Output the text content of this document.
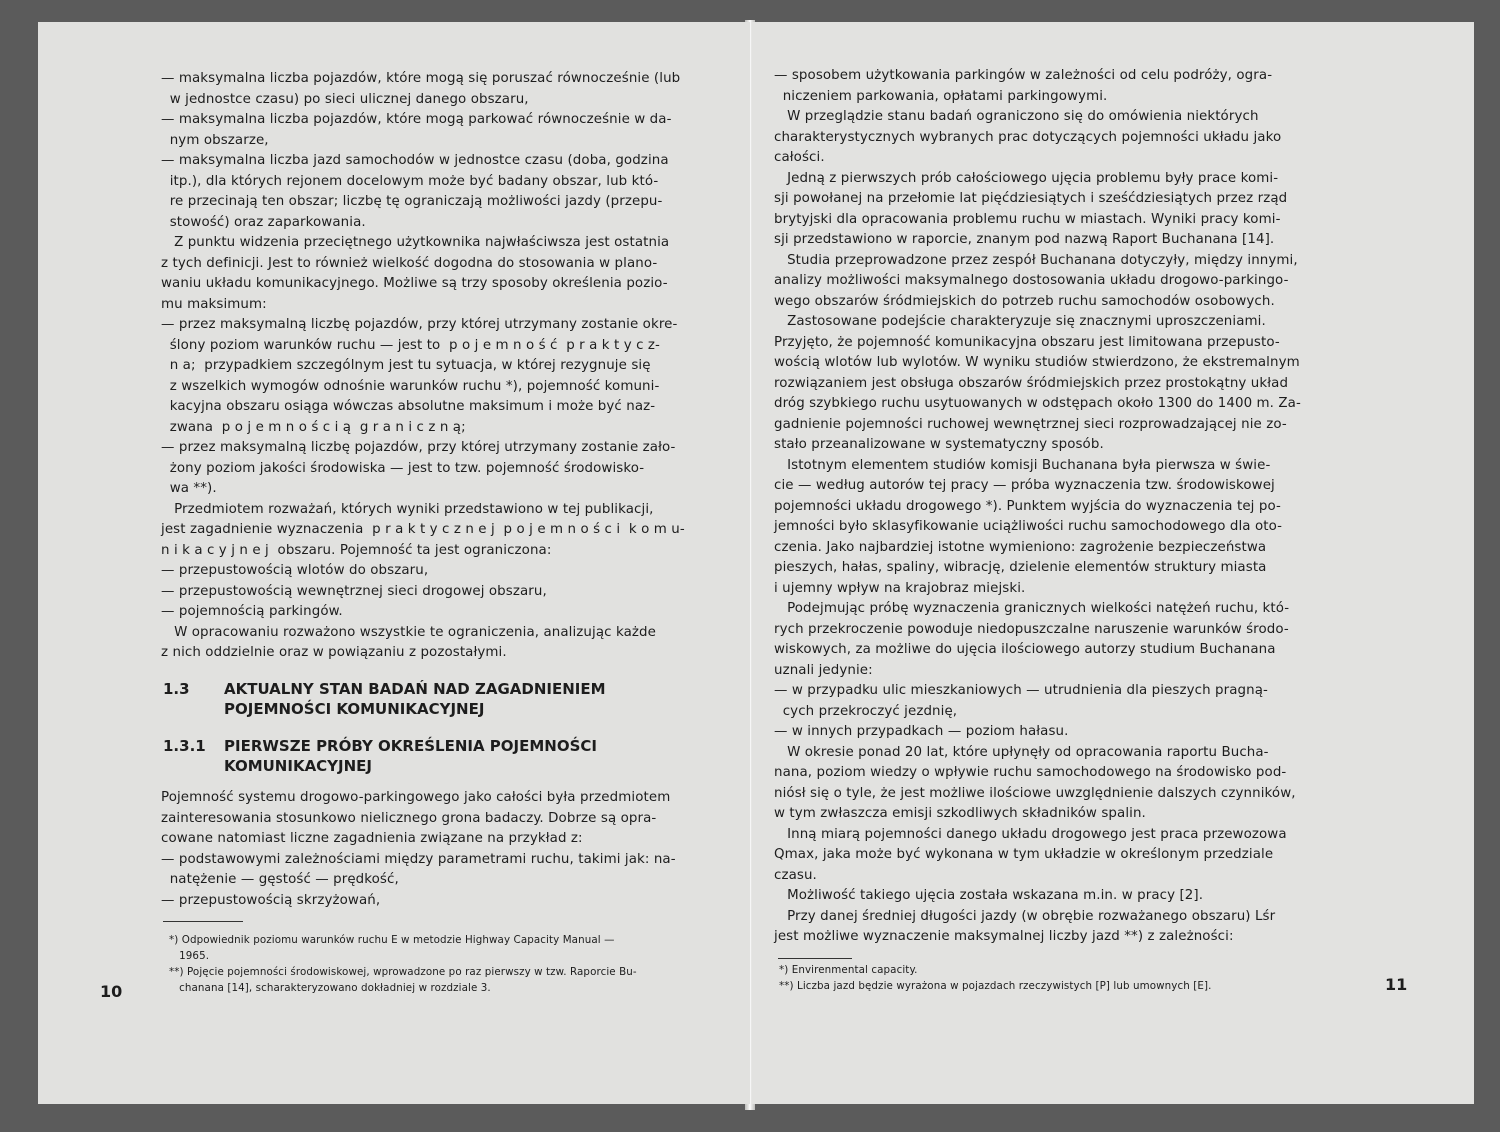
— maksymalna liczba pojazdów, które mogą się poruszać równocześnie (lub
w jednostce czasu) po sieci ulicznej danego obszaru,
— maksymalna liczba pojazdów, które mogą parkować równocześnie w da-
nym obszarze,
— maksymalna liczba jazd samochodów w jednostce czasu (doba, godzina
itp.), dla których rejonem docelowym może być badany obszar, lub któ-
re przecinają ten obszar; liczbę tę ograniczają możliwości jazdy (przepu-
stowość) oraz zaparkowania.
Z punktu widzenia przeciętnego użytkownika najwłaściwsza jest ostatnia
z tych definicji. Jest to również wielkość dogodna do stosowania w plano-
waniu układu komunikacyjnego. Możliwe są trzy sposoby określenia pozio-
mu maksimum:
— przez maksymalną liczbę pojazdów, przy której utrzymany zostanie okre-
ślony poziom warunków ruchu — jest to  p o j e m n o ś ć  p r a k t y c z-
n a;  przypadkiem szczególnym jest tu sytuacja, w której rezygnuje się
z wszelkich wymogów odnośnie warunków ruchu *), pojemność komuni-
kacyjna obszaru osiąga wówczas absolutne maksimum i może być naz-
zwana  p o j e m n o ś c i ą  g r a n i c z n ą;
— przez maksymalną liczbę pojazdów, przy której utrzymany zostanie zało-
żony poziom jakości środowiska — jest to tzw. pojemność środowisko-
wa **).
Przedmiotem rozważań, których wyniki przedstawiono w tej publikacji,
jest zagadnienie wyznaczenia  p r a k t y c z n e j  p o j e m n o ś c i  k o m u-
n i k a c y j n e j  obszaru. Pojemność ta jest ograniczona:
— przepustowością wlotów do obszaru,
— przepustowością wewnętrznej sieci drogowej obszaru,
— pojemnością parkingów.
W opracowaniu rozważono wszystkie te ograniczenia, analizując każde
z nich oddzielnie oraz w powiązaniu z pozostałymi.
1.3 AKTUALNY STAN BADAŃ NAD ZAGADNIENIEM
POJEMNOŚCI KOMUNIKACYJNEJ
1.3.1 PIERWSZE PRÓBY OKREŚLENIA POJEMNOŚCI
KOMUNIKACYJNEJ
Pojemność systemu drogowo-parkingowego jako całości była przedmiotem
zainteresowania stosunkowo nielicznego grona badaczy. Dobrze są opra-
cowane natomiast liczne zagadnienia związane na przykład z:
— podstawowymi zależnościami między parametrami ruchu, takimi jak: na-
natężenie — gęstość — prędkość,
— przepustowością skrzyżowań,
*) Odpowiednik poziomu warunków ruchu E w metodzie Highway Capacity Manual —
1965.
**) Pojęcie pojemności środowiskowej, wprowadzone po raz pierwszy w tzw. Raporcie Bu-
chanana [14], scharakteryzowano dokładniej w rozdziale 3.
10
— sposobem użytkowania parkingów w zależności od celu podróży, ogra-
niczeniem parkowania, opłatami parkingowymi.
W przeglądzie stanu badań ograniczono się do omówienia niektórych
charakterystycznych wybranych prac dotyczących pojemności układu jako
całości.
Jedną z pierwszych prób całościowego ujęcia problemu były prace komi-
sji powołanej na przełomie lat pięćdziesiątych i sześćdziesiątych przez rząd
brytyjski dla opracowania problemu ruchu w miastach. Wyniki pracy komi-
sji przedstawiono w raporcie, znanym pod nazwą Raport Buchanana [14].
Studia przeprowadzone przez zespół Buchanana dotyczyły, między innymi,
analizy możliwości maksymalnego dostosowania układu drogowo-parkingo-
wego obszarów śródmiejskich do potrzeb ruchu samochodów osobowych.
Zastosowane podejście charakteryzuje się znacznymi uproszczeniami.
Przyjęto, że pojemność komunikacyjna obszaru jest limitowana przepusto-
wością wlotów lub wylotów. W wyniku studiów stwierdzono, że ekstremalnym
rozwiązaniem jest obsługa obszarów śródmiejskich przez prostokątny układ
dróg szybkiego ruchu usytuowanych w odstępach około 1300 do 1400 m. Za-
gadnienie pojemności ruchowej wewnętrznej sieci rozprowadzającej nie zo-
stało przeanalizowane w systematyczny sposób.
Istotnym elementem studiów komisji Buchanana była pierwsza w świe-
cie — według autorów tej pracy — próba wyznaczenia tzw. środowiskowej
pojemności układu drogowego *). Punktem wyjścia do wyznaczenia tej po-
jemności było sklasyfikowanie uciążliwości ruchu samochodowego dla oto-
czenia. Jako najbardziej istotne wymieniono: zagrożenie bezpieczeństwa
pieszych, hałas, spaliny, wibrację, dzielenie elementów struktury miasta
i ujemny wpływ na krajobraz miejski.
Podejmując próbę wyznaczenia granicznych wielkości natężeń ruchu, któ-
rych przekroczenie powoduje niedopuszczalne naruszenie warunków środo-
wiskowych, za możliwe do ujęcia ilościowego autorzy studium Buchanana
uznali jedynie:
— w przypadku ulic mieszkaniowych — utrudnienia dla pieszych pragną-
cych przekroczyć jezdnię,
— w innych przypadkach — poziom hałasu.
W okresie ponad 20 lat, które upłynęły od opracowania raportu Bucha-
nana, poziom wiedzy o wpływie ruchu samochodowego na środowisko pod-
niósł się o tyle, że jest możliwe ilościowe uwzględnienie dalszych czynników,
w tym zwłaszcza emisji szkodliwych składników spalin.
Inną miarą pojemności danego układu drogowego jest praca przewozowa
Qmax, jaka może być wykonana w tym układzie w określonym przedziale
czasu.
Możliwość takiego ujęcia została wskazana m.in. w pracy [2].
Przy danej średniej długości jazdy (w obrębie rozważanego obszaru) Lśr
jest możliwe wyznaczenie maksymalnej liczby jazd **) z zależności:
*) Envirenmental capacity.
**) Liczba jazd będzie wyrażona w pojazdach rzeczywistych [P] lub umownych [E].	11
